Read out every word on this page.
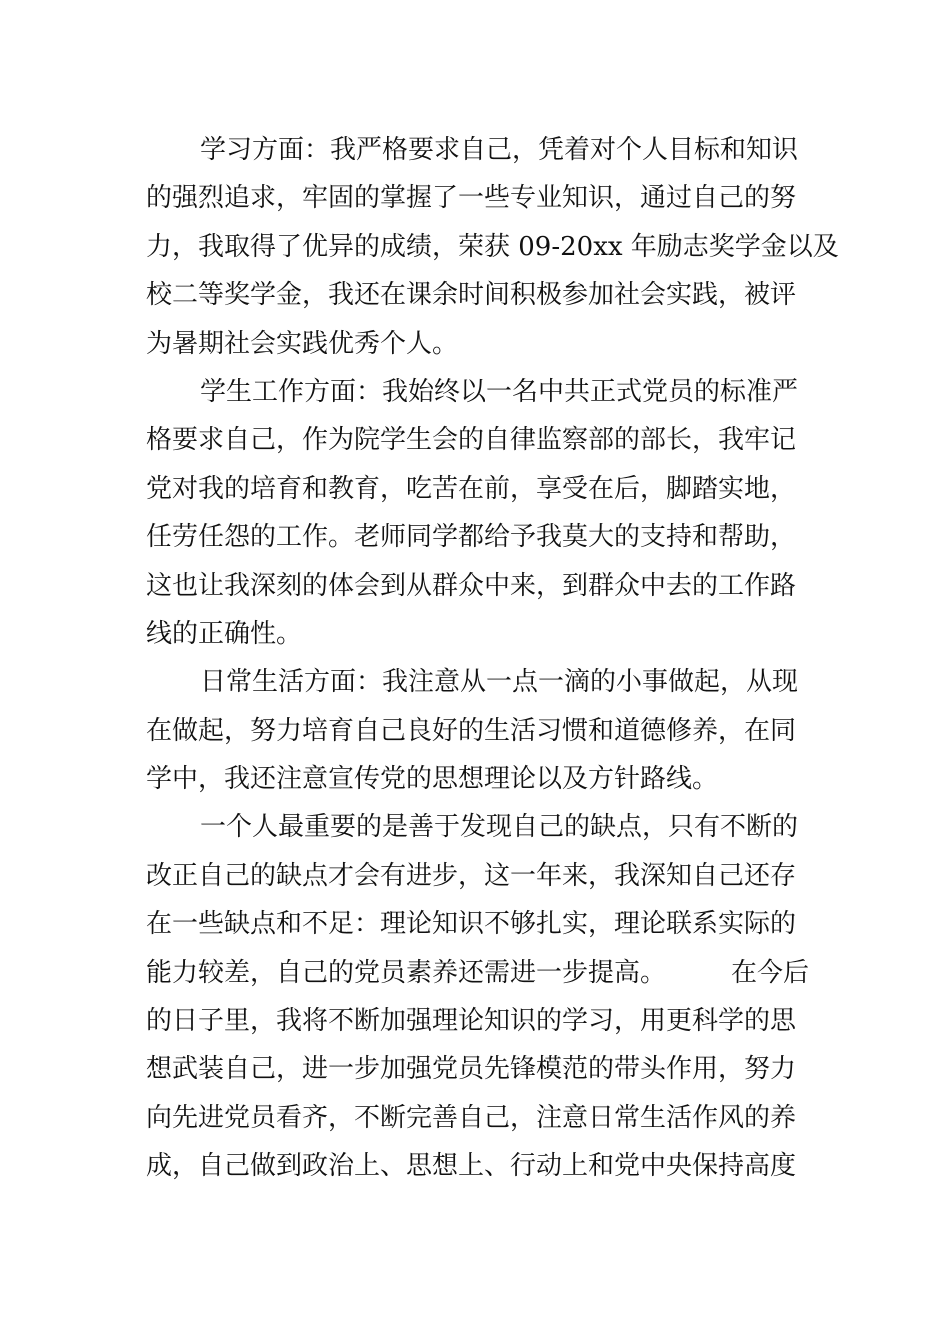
学习方面：我严格要求自己，凭着对个人目标和知识
的强烈追求，牢固的掌握了一些专业知识，通过自己的努
力，我取得了优异的成绩，荣获 09-20xx 年励志奖学金以及
校二等奖学金，我还在课余时间积极参加社会实践，被评
为暑期社会实践优秀个人。
学生工作方面：我始终以一名中共正式党员的标准严
格要求自己，作为院学生会的自律监察部的部长，我牢记
党对我的培育和教育，吃苦在前，享受在后，脚踏实地，
任劳任怨的工作。老师同学都给予我莫大的支持和帮助，
这也让我深刻的体会到从群众中来，到群众中去的工作路
线的正确性。
日常生活方面：我注意从一点一滴的小事做起，从现
在做起，努力培育自己良好的生活习惯和道德修养，在同
学中，我还注意宣传党的思想理论以及方针路线。
一个人最重要的是善于发现自己的缺点，只有不断的
改正自己的缺点才会有进步，这一年来，我深知自己还存
在一些缺点和不足：理论知识不够扎实，理论联系实际的
能力较差，自己的党员素养还需进一步提高。　　　在今后
的日子里，我将不断加强理论知识的学习，用更科学的思
想武装自己，进一步加强党员先锋模范的带头作用，努力
向先进党员看齐，不断完善自己，注意日常生活作风的养
成，自己做到政治上、思想上、行动上和党中央保持高度
